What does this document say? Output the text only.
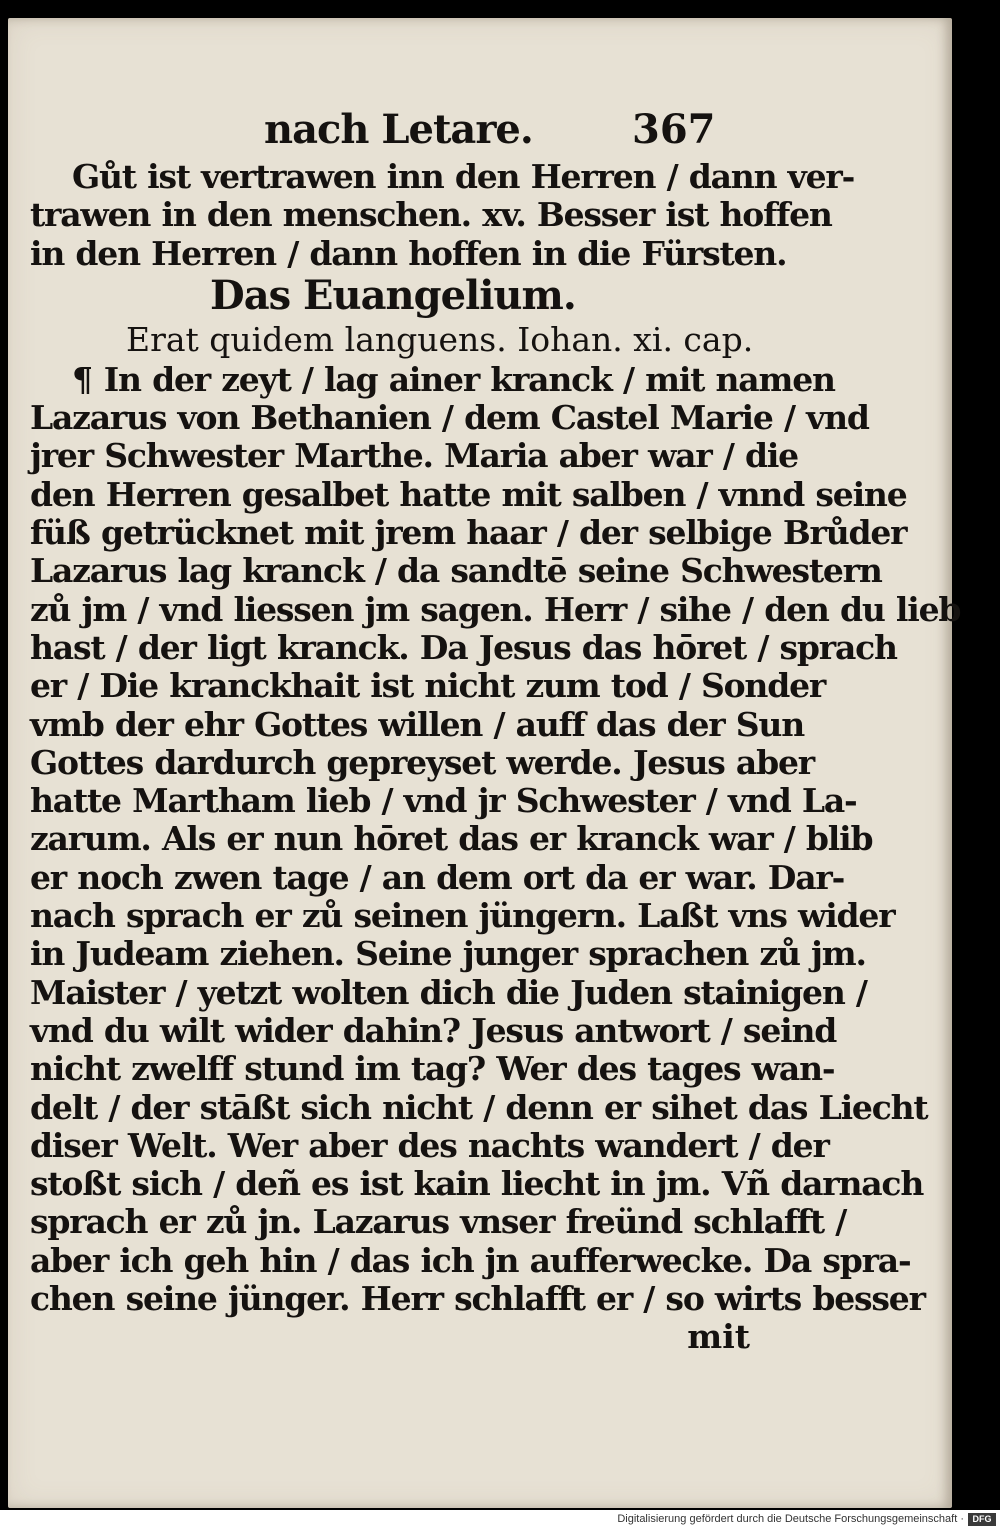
nach Letare. 367
Gůt ist vertrawen inn den Herren / dann ver-
trawen in den menschen. xv. Besser ist hoffen
in den Herren / dann hoffen in die Fürsten.
Das Euangelium.
Erat quidem languens. Iohan. xi. cap.
¶ In der zeyt / lag ainer kranck / mit namen
Lazarus von Bethanien / dem Castel Marie / vnd
jrer Schwester Marthe. Maria aber war / die
den Herren gesalbet hatte mit salben / vnnd seine
füß getrücknet mit jrem haar / der selbige Brůder
Lazarus lag kranck / da sandtē seine Schwestern
zů jm / vnd liessen jm sagen. Herr / sihe / den du lieb
hast / der ligt kranck. Da Jesus das hōret / sprach
er / Die kranckhait ist nicht zum tod / Sonder
vmb der ehr Gottes willen / auff das der Sun
Gottes dardurch gepreyset werde. Jesus aber
hatte Martham lieb / vnd jr Schwester / vnd La-
zarum. Als er nun hōret das er kranck war / blib
er noch zwen tage / an dem ort da er war. Dar-
nach sprach er zů seinen jüngern. Laßt vns wider
in Judeam ziehen. Seine junger sprachen zů jm.
Maister / yetzt wolten dich die Juden stainigen /
vnd du wilt wider dahin? Jesus antwort / seind
nicht zwelff stund im tag? Wer des tages wan-
delt / der stāßt sich nicht / denn er sihet das Liecht
diser Welt. Wer aber des nachts wandert / der
stoßt sich / deñ es ist kain liecht in jm. Vñ darnach
sprach er zů jn. Lazarus vnser freünd schlafft /
aber ich geh hin / das ich jn aufferwecke. Da spra-
chen seine jünger. Herr schlafft er / so wirts besser
mit
Digitalisierung gefördert durch die Deutsche Forschungsgemeinschaft · DFG
